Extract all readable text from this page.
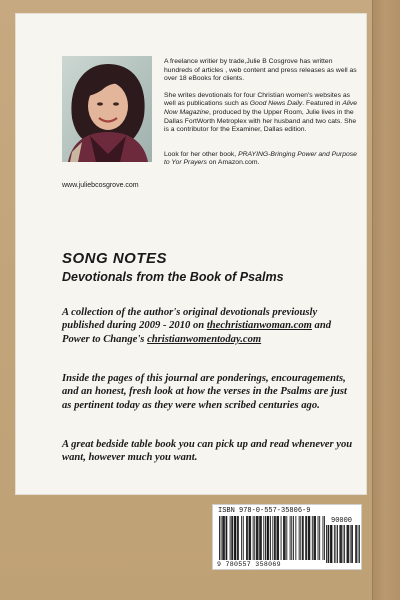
A freelance writier by trade,Julie B Cosgrove has written hundreds of articles , web content and press releases as well as over 18 eBooks for clients.

She writes devotionals for four Christian women's websites as well as publications such as Good News Daily. Featured in Alive Now Magazine, produced by the Upper Room, Julie lives in the Dallas FortWorth Metroplex with her husband and two cats. She is a contributor for the Examiner, Dallas edition.

Look for her other book, PRAYING-Bringing Power and Purpose to Yor Prayers on Amazon.com.

www.juliebcosgrove.com
SONG NOTES
Devotionals from the Book of Psalms
A collection of the author's original devotionals previously published during 2009 - 2010 on thechristianwoman.com and Power to Change's christianwomentoday.com
Inside the pages of this journal are ponderings, encouragements, and an honest, fresh look at how the verses in the Psalms are just as pertinent today as they were when scribed centuries ago.
A great bedside table book you can pick up and read whenever you want, however much you want.
ISBN 978-0-557-35806-9
90000
9 780557 358069
